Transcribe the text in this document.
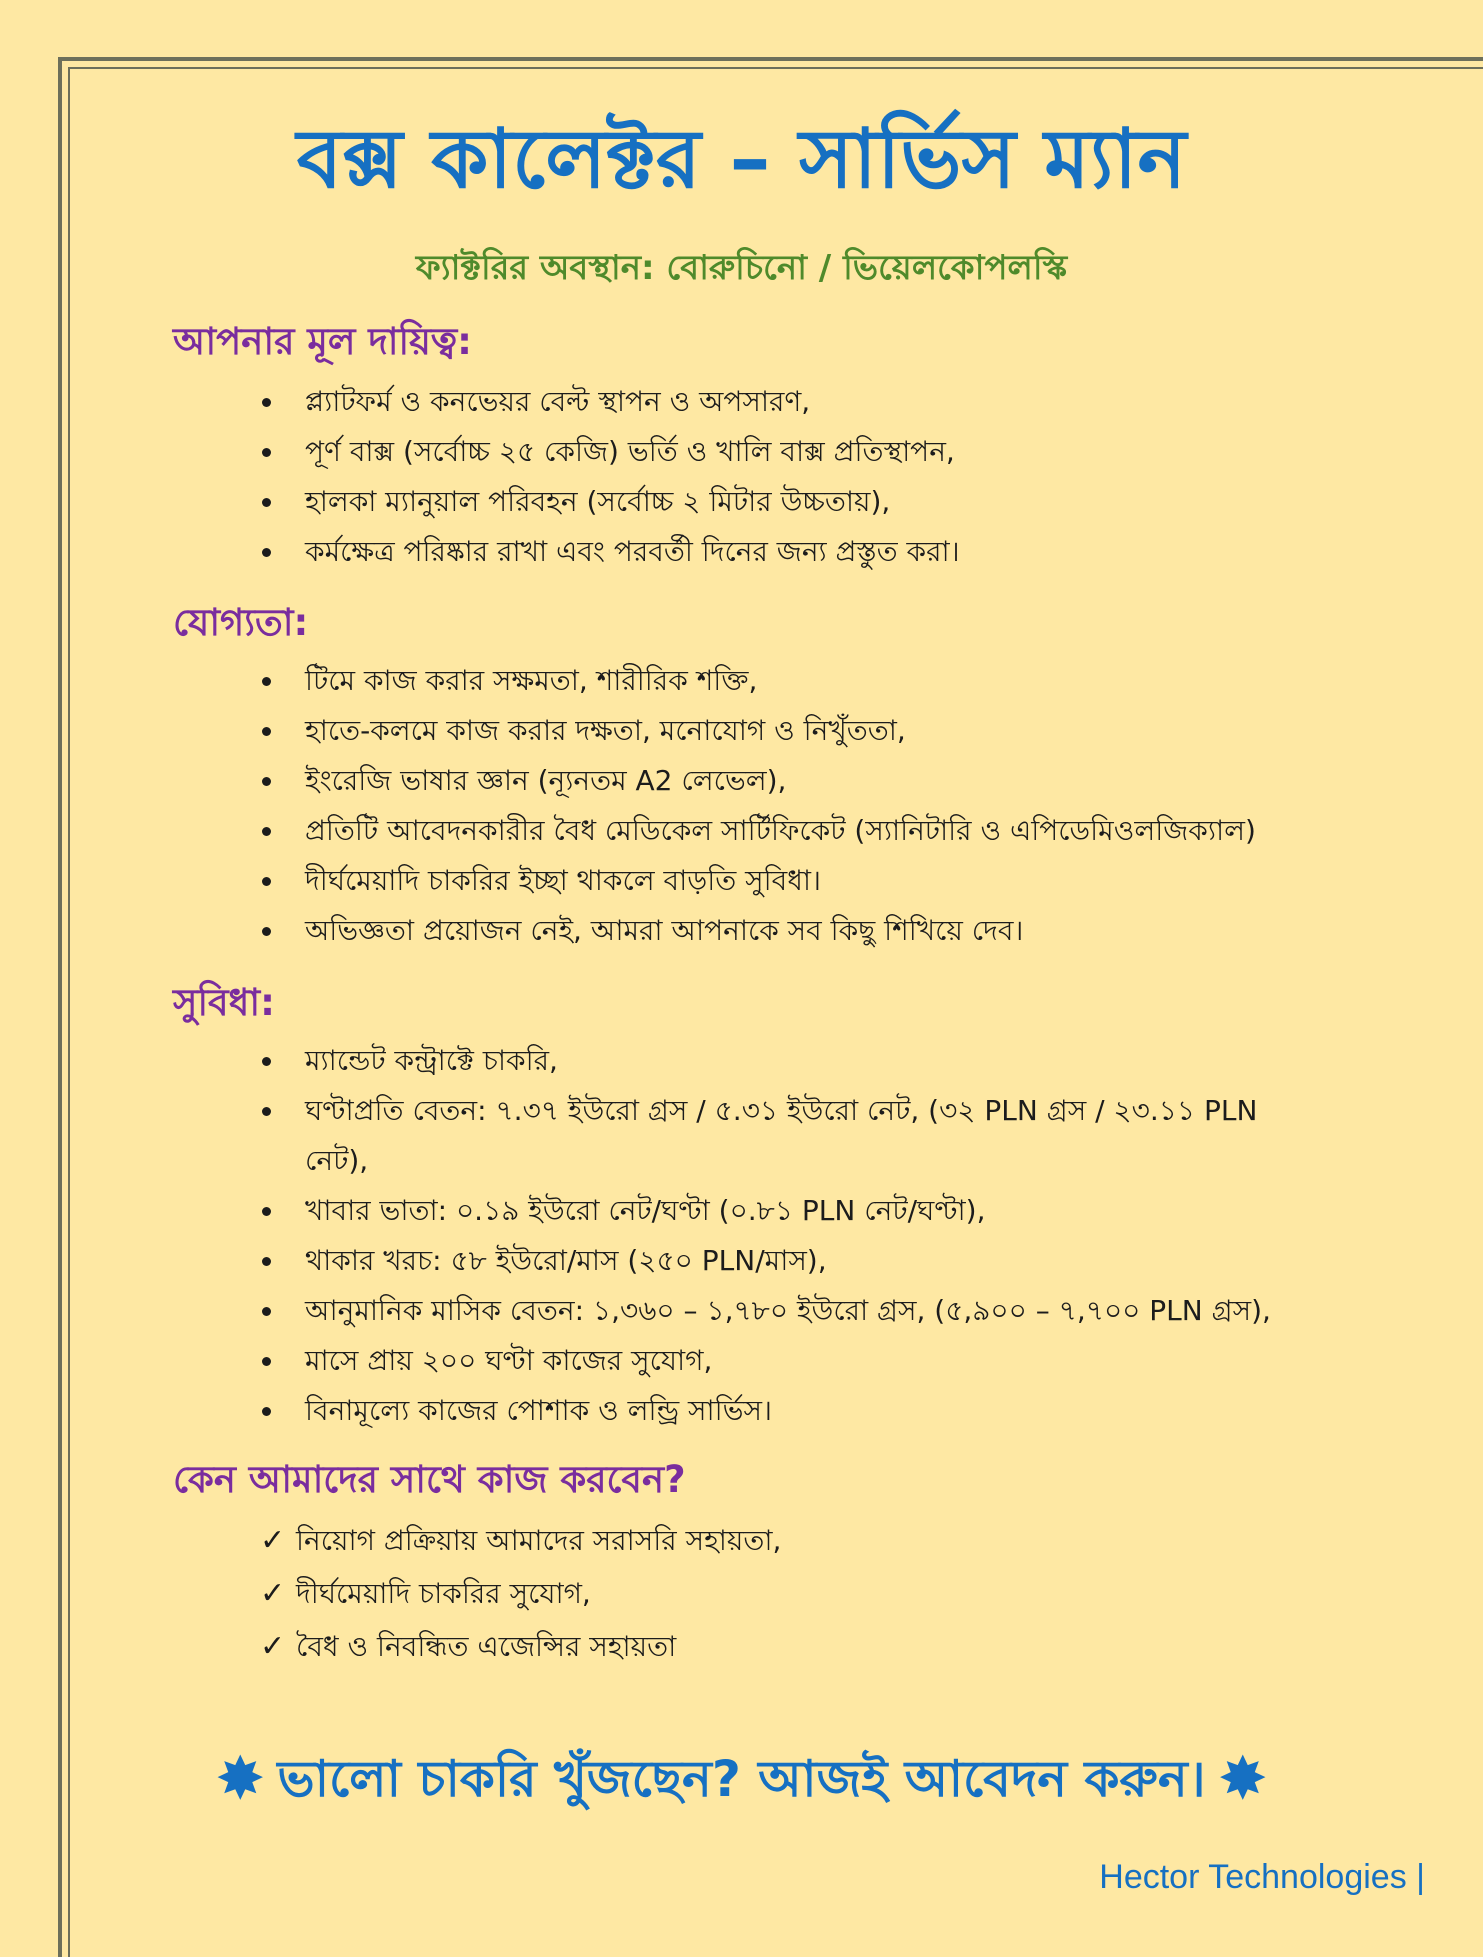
বক্স কালেক্টর – সার্ভিস ম্যান

ফ্যাক্টরির অবস্থান: বোরুচিনো / ভিয়েলকোপলস্কি

আপনার মূল দায়িত্ব:
প্ল্যাটফর্ম ও কনভেয়র বেল্ট স্থাপন ও অপসারণ,
পূর্ণ বাক্স (সর্বোচ্চ ২৫ কেজি) ভর্তি ও খালি বাক্স প্রতিস্থাপন,
হালকা ম্যানুয়াল পরিবহন (সর্বোচ্চ ২ মিটার উচ্চতায়),
কর্মক্ষেত্র পরিষ্কার রাখা এবং পরবর্তী দিনের জন্য প্রস্তুত করা।
যোগ্যতা:
টিমে কাজ করার সক্ষমতা, শারীরিক শক্তি,
হাতে-কলমে কাজ করার দক্ষতা, মনোযোগ ও নিখুঁততা,
ইংরেজি ভাষার জ্ঞান (ন্যূনতম A2 লেভেল),
প্রতিটি আবেদনকারীর বৈধ মেডিকেল সার্টিফিকেট (স্যানিটারি ও এপিডেমিওলজিক্যাল)
দীর্ঘমেয়াদি চাকরির ইচ্ছা থাকলে বাড়তি সুবিধা।
অভিজ্ঞতা প্রয়োজন নেই, আমরা আপনাকে সব কিছু শিখিয়ে দেব।
সুবিধা:
ম্যান্ডেট কন্ট্রাক্টে চাকরি,
ঘণ্টাপ্রতি বেতন: ৭.৩৭ ইউরো গ্রস / ৫.৩১ ইউরো নেট, (৩২ PLN গ্রস / ২৩.১১ PLN নেট),
খাবার ভাতা: ০.১৯ ইউরো নেট/ঘণ্টা (০.৮১ PLN নেট/ঘণ্টা),
থাকার খরচ: ৫৮ ইউরো/মাস (২৫০ PLN/মাস),
আনুমানিক মাসিক বেতন: ১,৩৬০ – ১,৭৮০ ইউরো গ্রস, (৫,৯০০ – ৭,৭০০ PLN গ্রস),
মাসে প্রায় ২০০ ঘণ্টা কাজের সুযোগ,
বিনামূল্যে কাজের পোশাক ও লন্ড্রি সার্ভিস।
কেন আমাদের সাথে কাজ করবেন?
✓ নিয়োগ প্রক্রিয়ায় আমাদের সরাসরি সহায়তা,
✓ দীর্ঘমেয়াদি চাকরির সুযোগ,
✓ বৈধ ও নিবন্ধিত এজেন্সির সহায়তা

✸ ভালো চাকরি খুঁজছেন? আজই আবেদন করুন। ✸

Hector Technologies |
